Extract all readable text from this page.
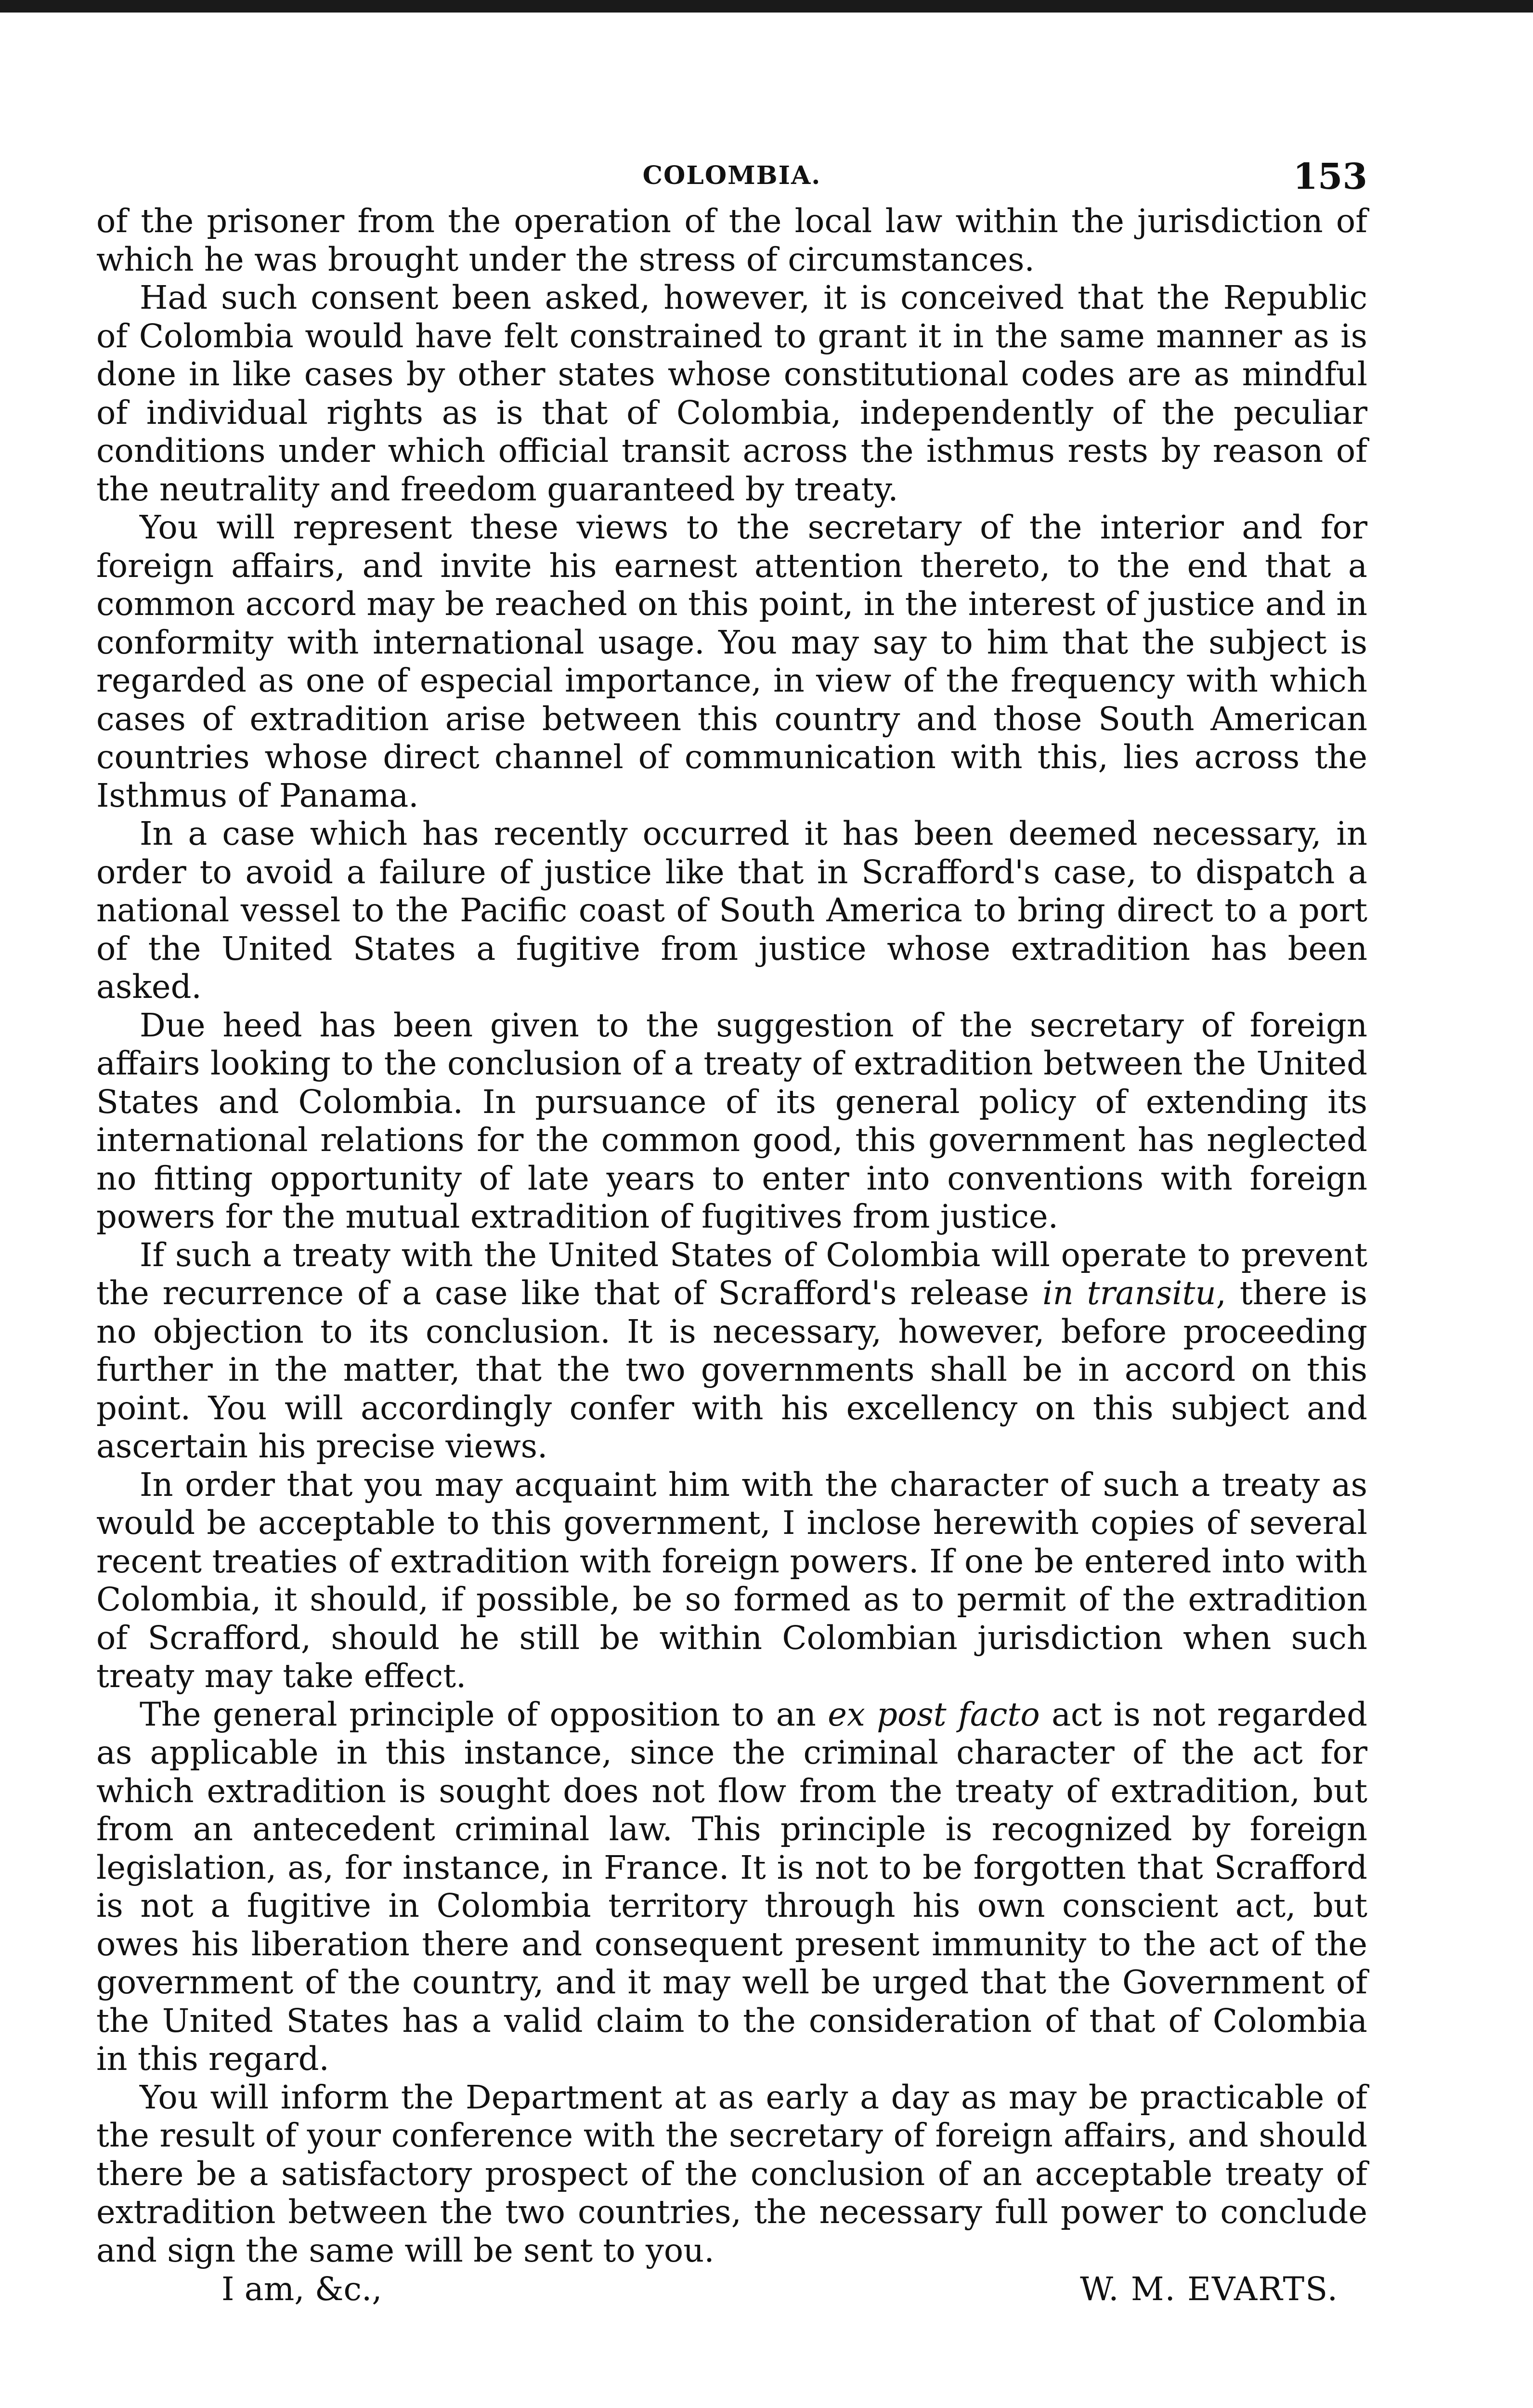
COLOMBIA.	153

of the prisoner from the operation of the local law within the jurisdiction of which he was brought under the stress of circumstances.

Had such consent been asked, however, it is conceived that the Republic of Colombia would have felt constrained to grant it in the same manner as is done in like cases by other states whose constitutional codes are as mindful of individual rights as is that of Colombia, independently of the peculiar conditions under which official transit across the isthmus rests by reason of the neutrality and freedom guaranteed by treaty.

You will represent these views to the secretary of the interior and for foreign affairs, and invite his earnest attention thereto, to the end that a common accord may be reached on this point, in the interest of justice and in conformity with international usage. You may say to him that the subject is regarded as one of especial importance, in view of the frequency with which cases of extradition arise between this country and those South American countries whose direct channel of communication with this, lies across the Isthmus of Panama.

In a case which has recently occurred it has been deemed necessary, in order to avoid a failure of justice like that in Scrafford's case, to dispatch a national vessel to the Pacific coast of South America to bring direct to a port of the United States a fugitive from justice whose extradition has been asked.

Due heed has been given to the suggestion of the secretary of foreign affairs looking to the conclusion of a treaty of extradition between the United States and Colombia. In pursuance of its general policy of extending its international relations for the common good, this government has neglected no fitting opportunity of late years to enter into conventions with foreign powers for the mutual extradition of fugitives from justice.

If such a treaty with the United States of Colombia will operate to prevent the recurrence of a case like that of Scrafford's release in transitu, there is no objection to its conclusion. It is necessary, however, before proceeding further in the matter, that the two governments shall be in accord on this point. You will accordingly confer with his excellency on this subject and ascertain his precise views.

In order that you may acquaint him with the character of such a treaty as would be acceptable to this government, I inclose herewith copies of several recent treaties of extradition with foreign powers. If one be entered into with Colombia, it should, if possible, be so formed as to permit of the extradition of Scrafford, should he still be within Colombian jurisdiction when such treaty may take effect.

The general principle of opposition to an ex post facto act is not regarded as applicable in this instance, since the criminal character of the act for which extradition is sought does not flow from the treaty of extradition, but from an antecedent criminal law. This principle is recognized by foreign legislation, as, for instance, in France. It is not to be forgotten that Scrafford is not a fugitive in Colombia territory through his own conscient act, but owes his liberation there and consequent present immunity to the act of the government of the country, and it may well be urged that the Government of the United States has a valid claim to the consideration of that of Colombia in this regard.

You will inform the Department at as early a day as may be practicable of the result of your conference with the secretary of foreign affairs, and should there be a satisfactory prospect of the conclusion of an acceptable treaty of extradition between the two countries, the necessary full power to conclude and sign the same will be sent to you.

I am, &c.,	W. M. EVARTS.
